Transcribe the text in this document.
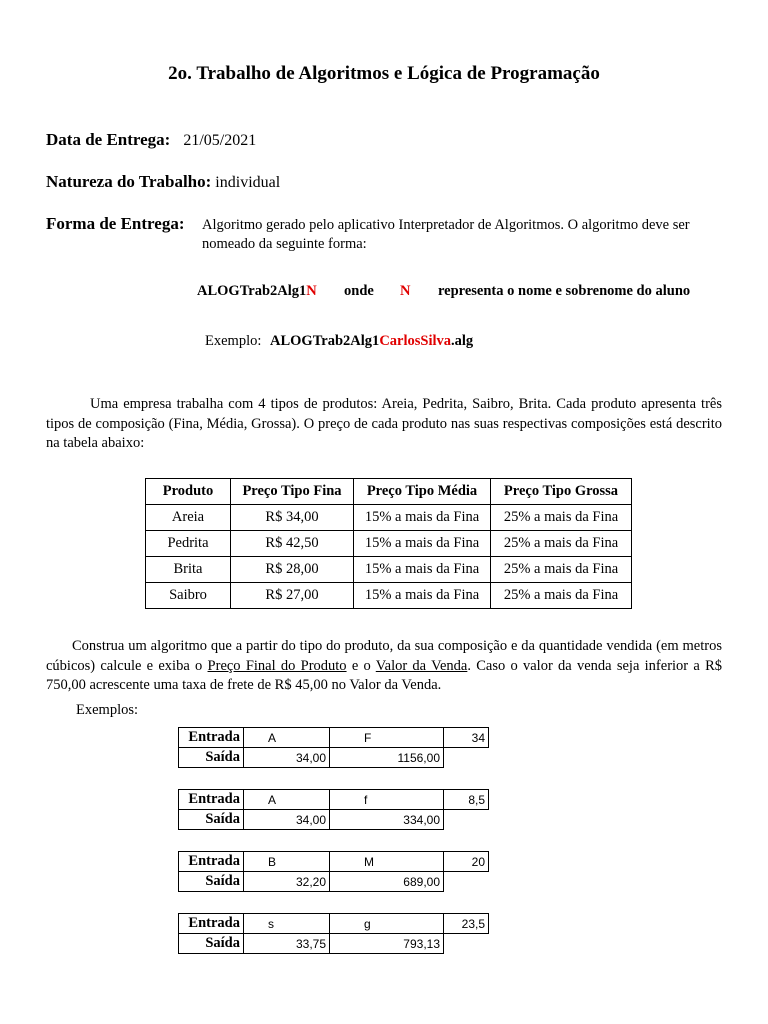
2o. Trabalho de Algoritmos e Lógica de Programação
Data de Entrega: 21/05/2021
Natureza do Trabalho: individual
Forma de Entrega: Algoritmo gerado pelo aplicativo Interpretador de Algoritmos. O algoritmo deve ser
nomeado da seguinte forma:
ALOGTrab2Alg1N onde N representa o nome e sobrenome do aluno
Exemplo: ALOGTrab2Alg1CarlosSilva.alg
Uma empresa trabalha com 4 tipos de produtos: Areia, Pedrita, Saibro, Brita. Cada produto apresenta três tipos de composição (Fina, Média, Grossa). O preço de cada produto nas suas respectivas composições está descrito na tabela abaixo:
Produto	Preço Tipo Fina	Preço Tipo Média	Preço Tipo Grossa
Areia	R$ 34,00	15% a mais da Fina	25% a mais da Fina
Pedrita	R$ 42,50	15% a mais da Fina	25% a mais da Fina
Brita	R$ 28,00	15% a mais da Fina	25% a mais da Fina
Saibro	R$ 27,00	15% a mais da Fina	25% a mais da Fina
Construa um algoritmo que a partir do tipo do produto, da sua composição e da quantidade vendida (em metros cúbicos) calcule e exiba o Preço Final do Produto e o Valor da Venda. Caso o valor da venda seja inferior a R$ 750,00 acrescente uma taxa de frete de R$ 45,00 no Valor da Venda.
Exemplos:
Entrada	A	F	34
Saída	34,00	1156,00	
Entrada	A	f	8,5
Saída	34,00	334,00	
Entrada	B	M	20
Saída	32,20	689,00	
Entrada	s	g	23,5
Saída	33,75	793,13	
